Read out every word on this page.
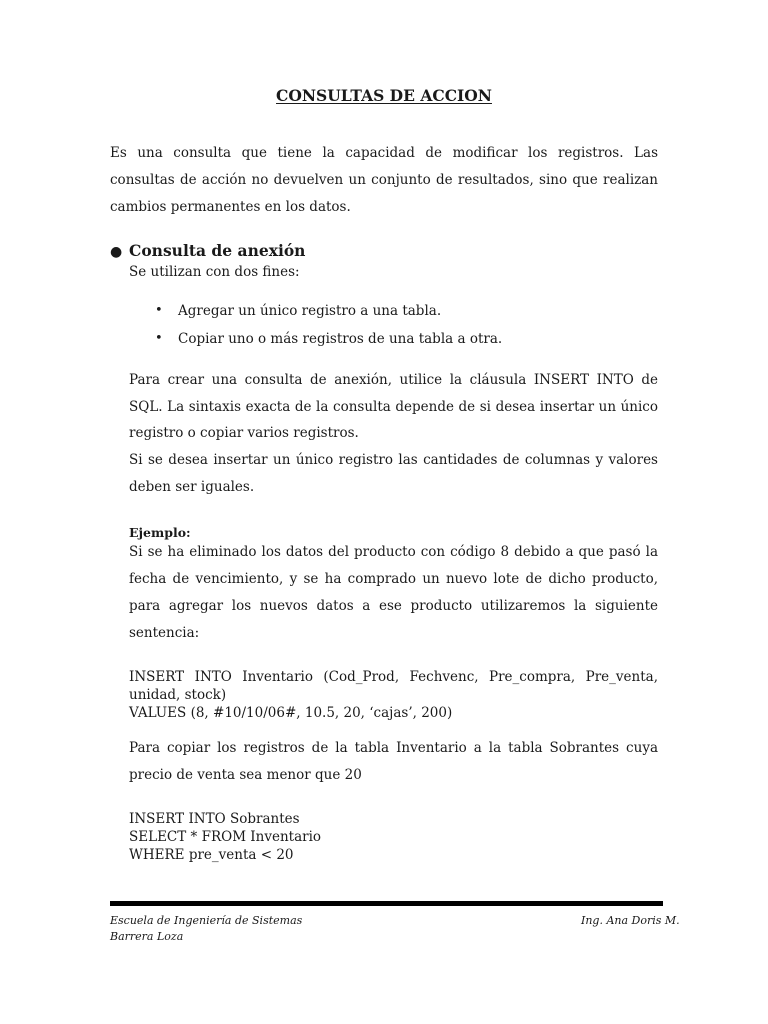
CONSULTAS DE ACCION
Es una consulta que tiene la capacidad de modificar los registros. Las consultas de acción no devuelven un conjunto de resultados, sino que realizan cambios permanentes en los datos.
● Consulta de anexión
Se utilizan con dos fines:
• Agregar un único registro a una tabla.
• Copiar uno o más registros de una tabla a otra.
Para crear una consulta de anexión, utilice la cláusula INSERT INTO de SQL. La sintaxis exacta de la consulta depende de si desea insertar un único registro o copiar varios registros.
Si se desea insertar un único registro las cantidades de columnas y valores deben ser iguales.
Ejemplo:
Si se ha eliminado los datos del producto con código 8 debido a que pasó la fecha de vencimiento, y se ha comprado un nuevo lote de dicho producto, para agregar los nuevos datos a ese producto utilizaremos la siguiente sentencia:
INSERT INTO Inventario (Cod_Prod, Fechvenc, Pre_compra, Pre_venta,
unidad, stock)
VALUES (8, #10/10/06#, 10.5, 20, ‘cajas’, 200)
Para copiar los registros de la tabla Inventario a la tabla Sobrantes cuya precio de venta sea menor que 20
INSERT INTO Sobrantes
SELECT * FROM Inventario
WHERE pre_venta < 20
Escuela de Ingeniería de Sistemas
Barrera Loza
Ing. Ana Doris M.
